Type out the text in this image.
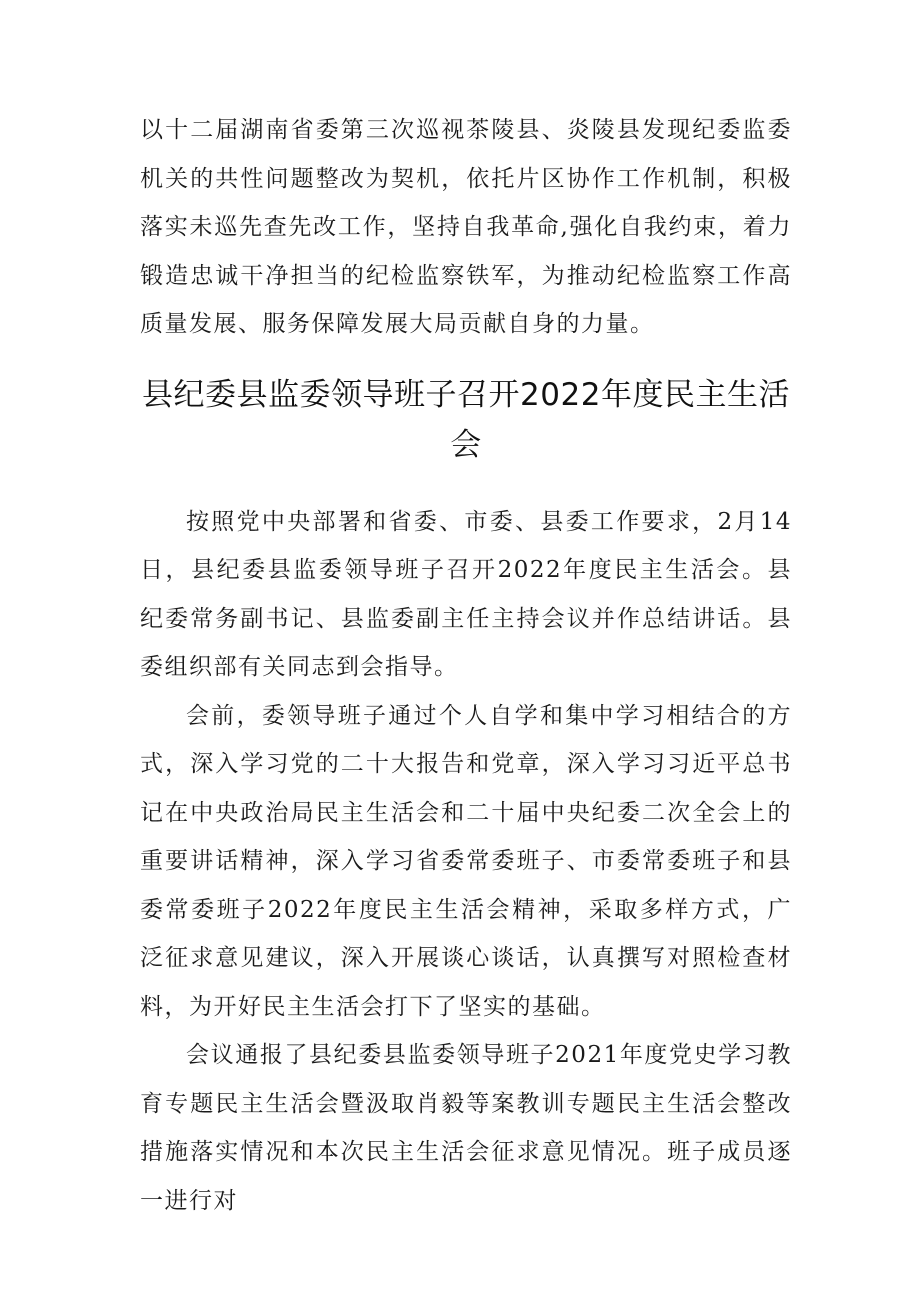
以十二届湖南省委第三次巡视茶陵县、炎陵县发现纪委监委机关的共性问题整改为契机，依托片区协作工作机制，积极落实未巡先查先改工作，坚持自我革命,强化自我约束，着力锻造忠诚干净担当的纪检监察铁军，为推动纪检监察工作高质量发展、服务保障发展大局贡献自身的力量。

县纪委县监委领导班子召开2022年度民主生活会

按照党中央部署和省委、市委、县委工作要求，2月14日，县纪委县监委领导班子召开2022年度民主生活会。县纪委常务副书记、县监委副主任主持会议并作总结讲话。县委组织部有关同志到会指导。

会前，委领导班子通过个人自学和集中学习相结合的方式，深入学习党的二十大报告和党章，深入学习习近平总书记在中央政治局民主生活会和二十届中央纪委二次全会上的重要讲话精神，深入学习省委常委班子、市委常委班子和县委常委班子2022年度民主生活会精神，采取多样方式，广泛征求意见建议，深入开展谈心谈话，认真撰写对照检查材料，为开好民主生活会打下了坚实的基础。

会议通报了县纪委县监委领导班子2021年度党史学习教育专题民主生活会暨汲取肖毅等案教训专题民主生活会整改措施落实情况和本次民主生活会征求意见情况。班子成员逐一进行对
